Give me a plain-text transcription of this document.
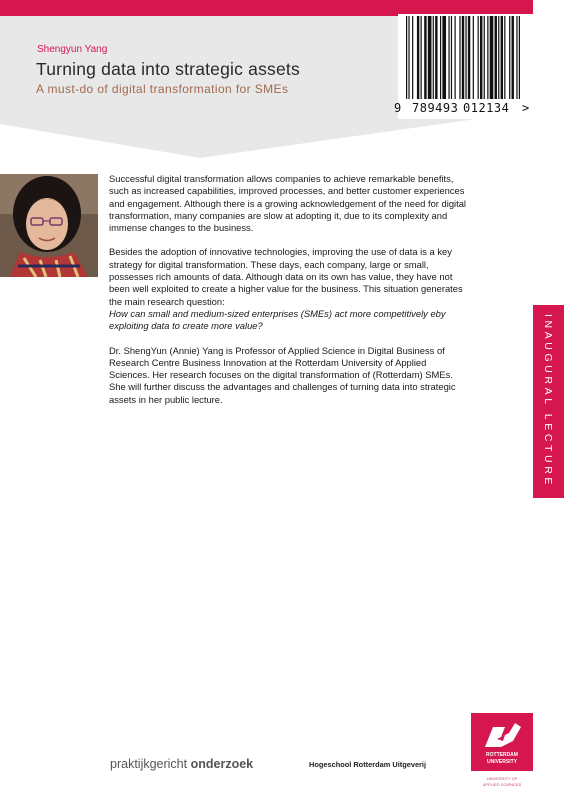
Shengyun Yang
Turning data into strategic assets
A must-do of digital transformation for SMEs
9 789493 012134 >

Successful digital transformation allows companies to achieve remarkable benefits, such as increased capabilities, improved processes, and better customer experiences and engagement. Although there is a growing acknowledgement of the need for digital transformation, many companies are slow at adopting it, due to its complexity and immense changes to the business.

Besides the adoption of innovative technologies, improving the use of data is a key strategy for digital transformation. These days, each company, large or small, possesses rich amounts of data. Although data on its own has value, they have not been well exploited to create a higher value for the business. This situation generates the main research question:
How can small and medium-sized enterprises (SMEs) act more competitively eby exploiting data to create more value?

Dr. ShengYun (Annie) Yang is Professor of Applied Science in Digital Business of Research Centre Business Innovation at the Rotterdam University of Applied Sciences. Her research focuses on the digital transformation of (Rotterdam) SMEs. She will further discuss the advantages and challenges of turning data into strategic assets in her public lecture.	INAUGURAL LECTURE
praktijkgericht onderzoek	Hogeschool Rotterdam Uitgeverij
ROTTERDAM
UNIVERSITY
UNIVERSITY OF
APPLIED SCIENCES
